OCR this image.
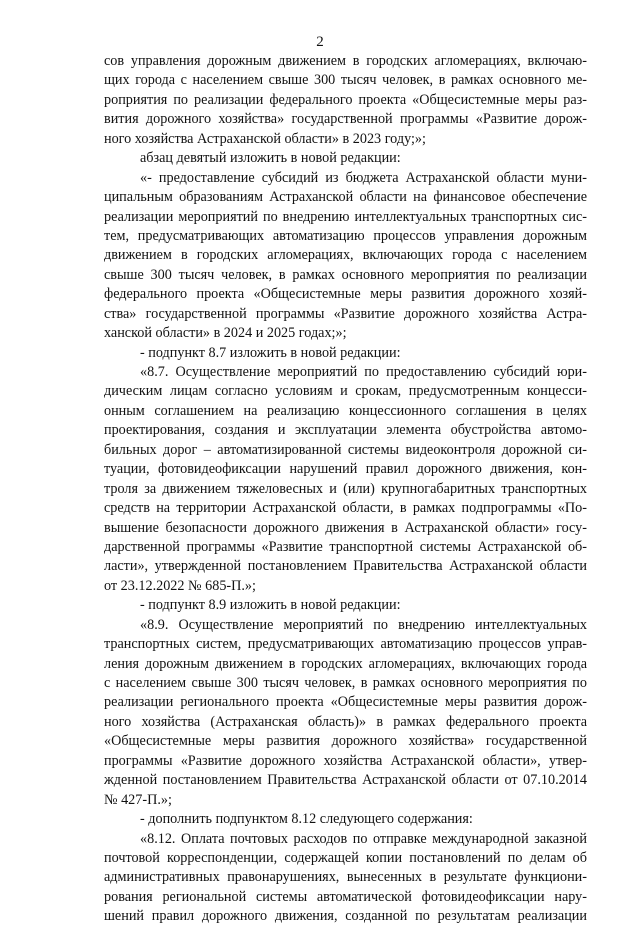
2
сов управления дорожным движением в городских агломерациях, включаю-
щих города с населением свыше 300 тысяч человек, в рамках основного ме-
роприятия по реализации федерального проекта «Общесистемные меры раз-
вития дорожного хозяйства» государственной программы «Развитие дорож-
ного хозяйства Астраханской области» в 2023 году;»;
абзац девятый изложить в новой редакции:
«- предоставление субсидий из бюджета Астраханской области муни-
ципальным образованиям Астраханской области на финансовое обеспечение
реализации мероприятий по внедрению интеллектуальных транспортных сис-
тем, предусматривающих автоматизацию процессов управления дорожным
движением в городских агломерациях, включающих города с населением
свыше 300 тысяч человек, в рамках основного мероприятия по реализации
федерального проекта «Общесистемные меры развития дорожного хозяй-
ства» государственной программы «Развитие дорожного хозяйства Астра-
ханской области» в 2024 и 2025 годах;»;
- подпункт 8.7 изложить в новой редакции:
«8.7. Осуществление мероприятий по предоставлению субсидий юри-
дическим лицам согласно условиям и срокам, предусмотренным концесси-
онным соглашением на реализацию концессионного соглашения в целях
проектирования, создания и эксплуатации элемента обустройства автомо-
бильных дорог – автоматизированной системы видеоконтроля дорожной си-
туации, фотовидеофиксации нарушений правил дорожного движения, кон-
троля за движением тяжеловесных и (или) крупногабаритных транспортных
средств на территории Астраханской области, в рамках подпрограммы «По-
вышение безопасности дорожного движения в Астраханской области» госу-
дарственной программы «Развитие транспортной системы Астраханской об-
ласти», утвержденной постановлением Правительства Астраханской области
от 23.12.2022 № 685-П.»;
- подпункт 8.9 изложить в новой редакции:
«8.9. Осуществление мероприятий по внедрению интеллектуальных
транспортных систем, предусматривающих автоматизацию процессов управ-
ления дорожным движением в городских агломерациях, включающих города
с населением свыше 300 тысяч человек, в рамках основного мероприятия по
реализации регионального проекта «Общесистемные меры развития дорож-
ного хозяйства (Астраханская область)» в рамках федерального проекта
«Общесистемные меры развития дорожного хозяйства» государственной
программы «Развитие дорожного хозяйства Астраханской области», утвер-
жденной постановлением Правительства Астраханской области от 07.10.2014
№ 427-П.»;
- дополнить подпунктом 8.12 следующего содержания:
«8.12. Оплата почтовых расходов по отправке международной заказной
почтовой корреспонденции, содержащей копии постановлений по делам об
административных правонарушениях, вынесенных в результате функциони-
рования региональной системы автоматической фотовидеофиксации нару-
шений правил дорожного движения, созданной по результатам реализации
